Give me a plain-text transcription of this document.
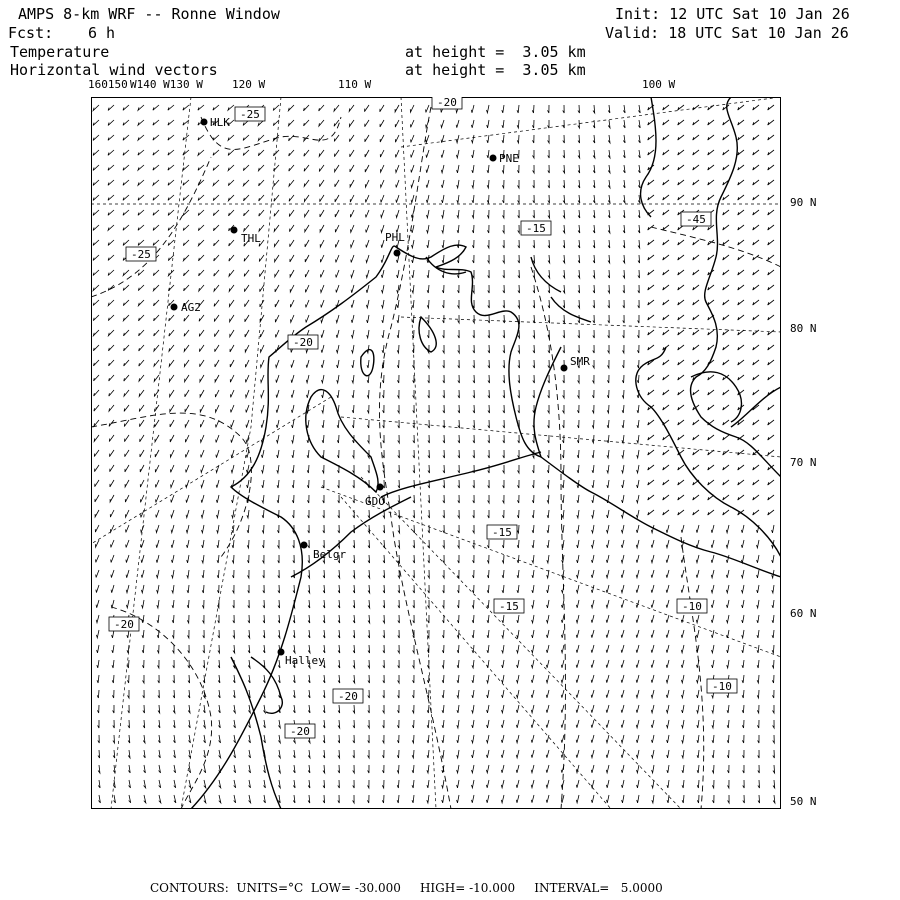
AMPS 8-km WRF -- Ronne Window
Fcst: 6 h
Temperature
Horizontal wind vectors
at height =  3.05 km
at height =  3.05 km
Init: 12 UTC Sat 10 Jan 26
Valid: 18 UTC Sat 10 Jan 26
160150 W140 W130 W	120 W	110 W	100 W
90 N
80 N
70 N
60 N
50 N
-25
-20
-25
-15
-45
-20
-15
-15	-10
-20
-10
-20
-20
HLK
PNE
THL	PHL
AG2
SMR
GDO
Belgr
Halley
CONTOURS:  UNITS=°C  LOW= -30.000     HIGH= -10.000     INTERVAL=   5.0000
